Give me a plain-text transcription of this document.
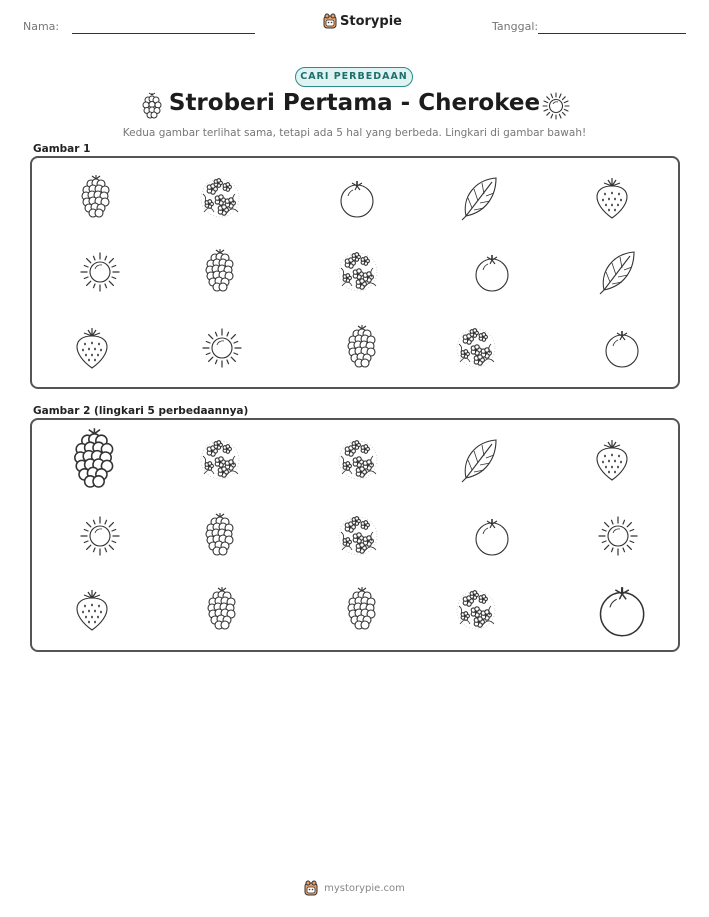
Nama:	Storypie	Tanggal:
CARI PERBEDAAN
Stroberi Pertama - Cherokee
Kedua gambar terlihat sama, tetapi ada 5 hal yang berbeda. Lingkari di gambar bawah!
Gambar 1
Gambar 2 (lingkari 5 perbedaannya)
mystorypie.com
